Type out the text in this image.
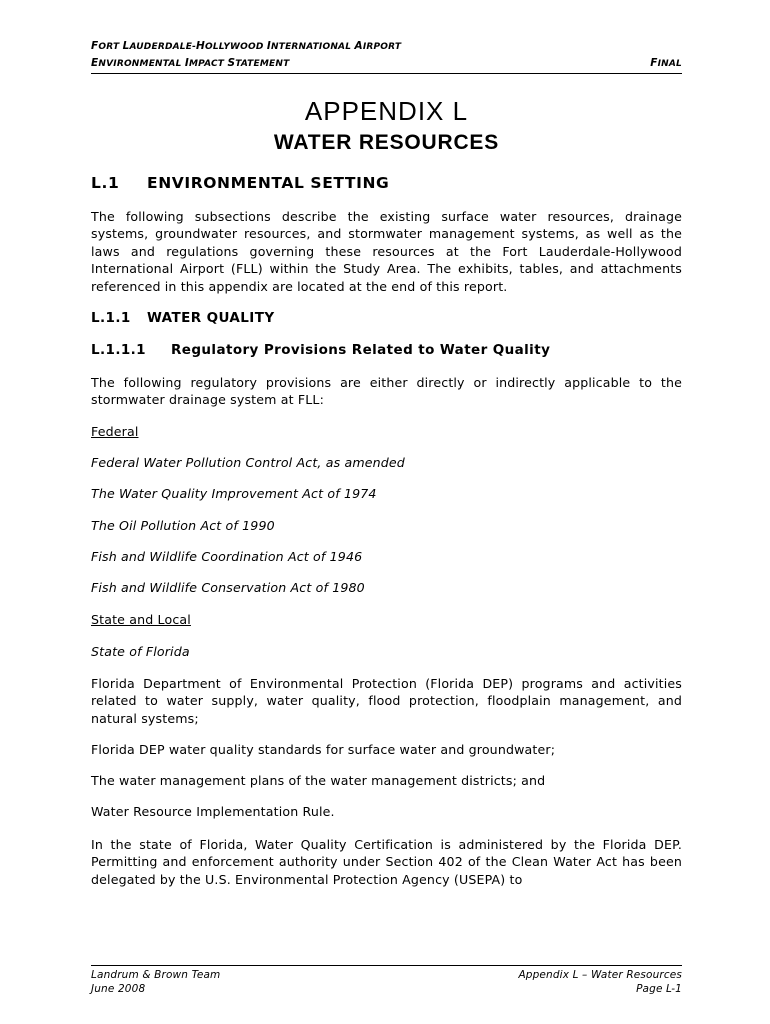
FORT LAUDERDALE-HOLLYWOOD INTERNATIONAL AIRPORT
ENVIRONMENTAL IMPACT STATEMENT	FINAL
APPENDIX L
WATER RESOURCES
L.1 ENVIRONMENTAL SETTING
The following subsections describe the existing surface water resources, drainage systems, groundwater resources, and stormwater management systems, as well as the laws and regulations governing these resources at the Fort Lauderdale-Hollywood International Airport (FLL) within the Study Area. The exhibits, tables, and attachments referenced in this appendix are located at the end of this report.
L.1.1 WATER QUALITY
L.1.1.1 Regulatory Provisions Related to Water Quality
The following regulatory provisions are either directly or indirectly applicable to the stormwater drainage system at FLL:
Federal
Federal Water Pollution Control Act, as amended
The Water Quality Improvement Act of 1974
The Oil Pollution Act of 1990
Fish and Wildlife Coordination Act of 1946
Fish and Wildlife Conservation Act of 1980
State and Local
State of Florida
Florida Department of Environmental Protection (Florida DEP) programs and activities related to water supply, water quality, flood protection, floodplain management, and natural systems;
Florida DEP water quality standards for surface water and groundwater;
The water management plans of the water management districts; and
Water Resource Implementation Rule.
In the state of Florida, Water Quality Certification is administered by the Florida DEP. Permitting and enforcement authority under Section 402 of the Clean Water Act has been delegated by the U.S. Environmental Protection Agency (USEPA) to
Landrum & Brown Team
June 2008
Appendix L – Water Resources
Page L-1
